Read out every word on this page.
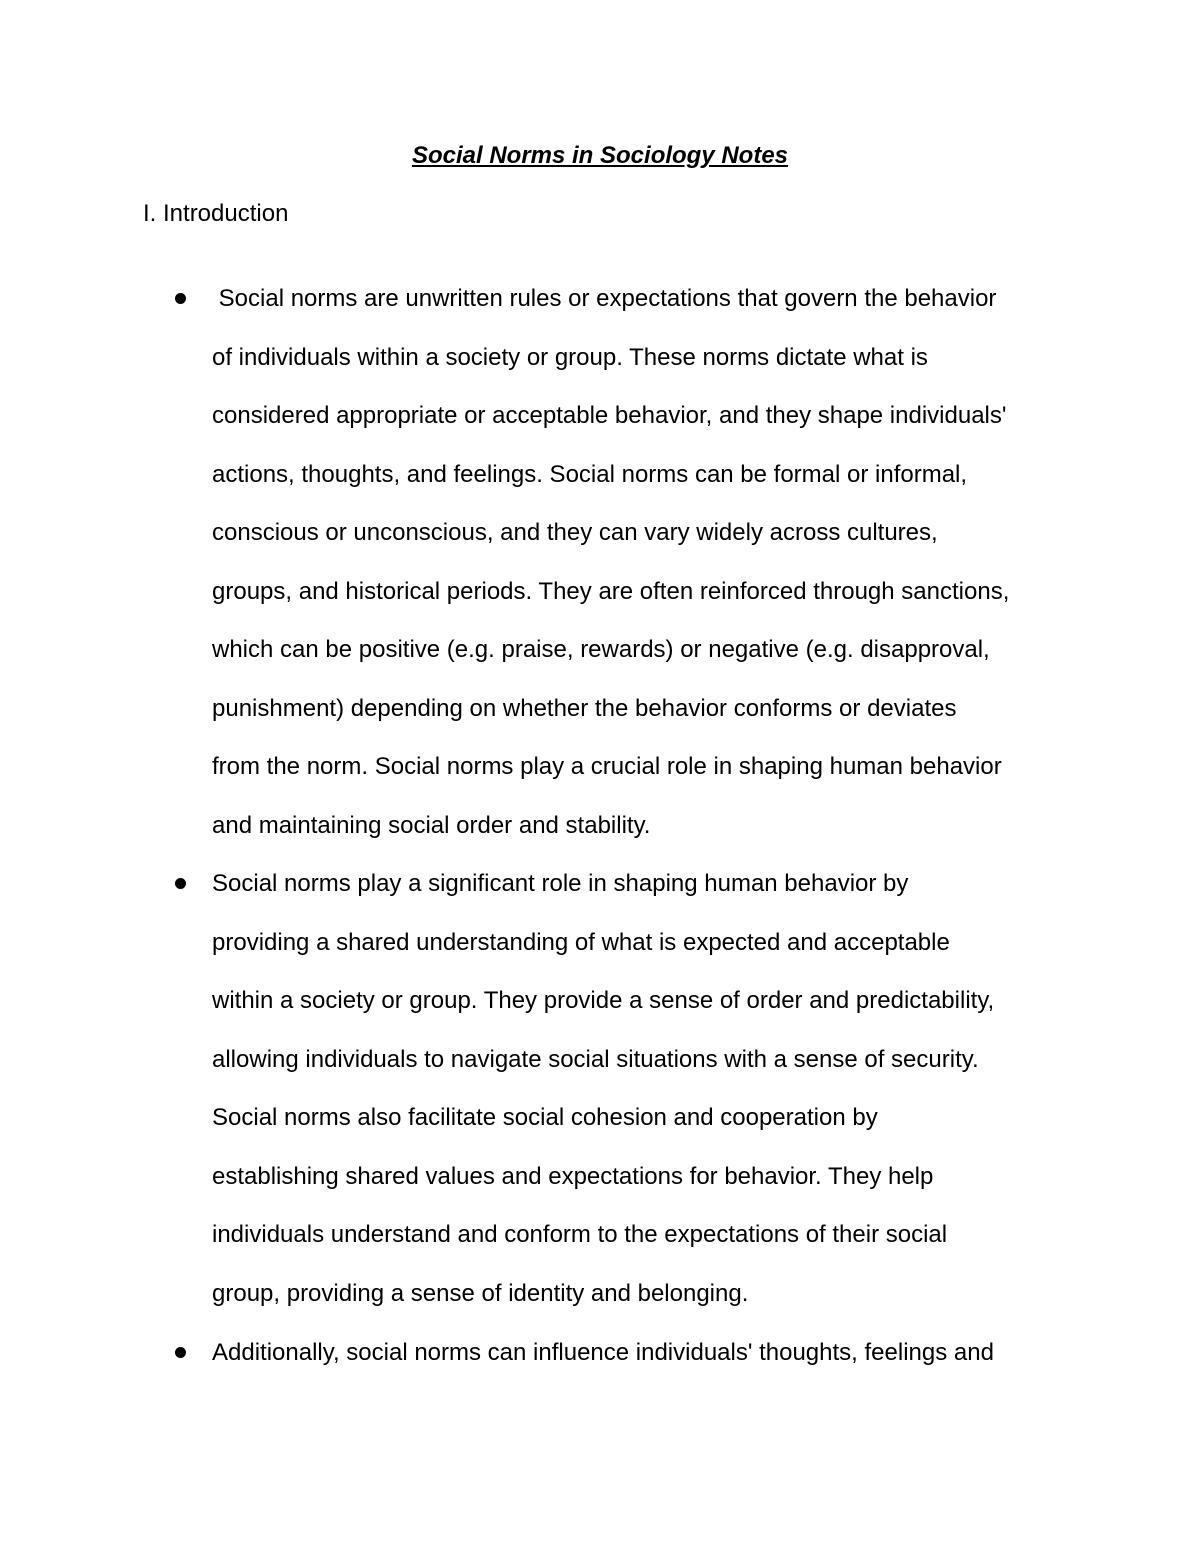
Social Norms in Sociology Notes
I. Introduction

Social norms are unwritten rules or expectations that govern the behavior

of individuals within a society or group. These norms dictate what is

considered appropriate or acceptable behavior, and they shape individuals'

actions, thoughts, and feelings. Social norms can be formal or informal,

conscious or unconscious, and they can vary widely across cultures,

groups, and historical periods. They are often reinforced through sanctions,

which can be positive (e.g. praise, rewards) or negative (e.g. disapproval,

punishment) depending on whether the behavior conforms or deviates

from the norm. Social norms play a crucial role in shaping human behavior

and maintaining social order and stability.

Social norms play a significant role in shaping human behavior by

providing a shared understanding of what is expected and acceptable

within a society or group. They provide a sense of order and predictability,

allowing individuals to navigate social situations with a sense of security.

Social norms also facilitate social cohesion and cooperation by

establishing shared values and expectations for behavior. They help

individuals understand and conform to the expectations of their social

group, providing a sense of identity and belonging.

Additionally, social norms can influence individuals' thoughts, feelings and
